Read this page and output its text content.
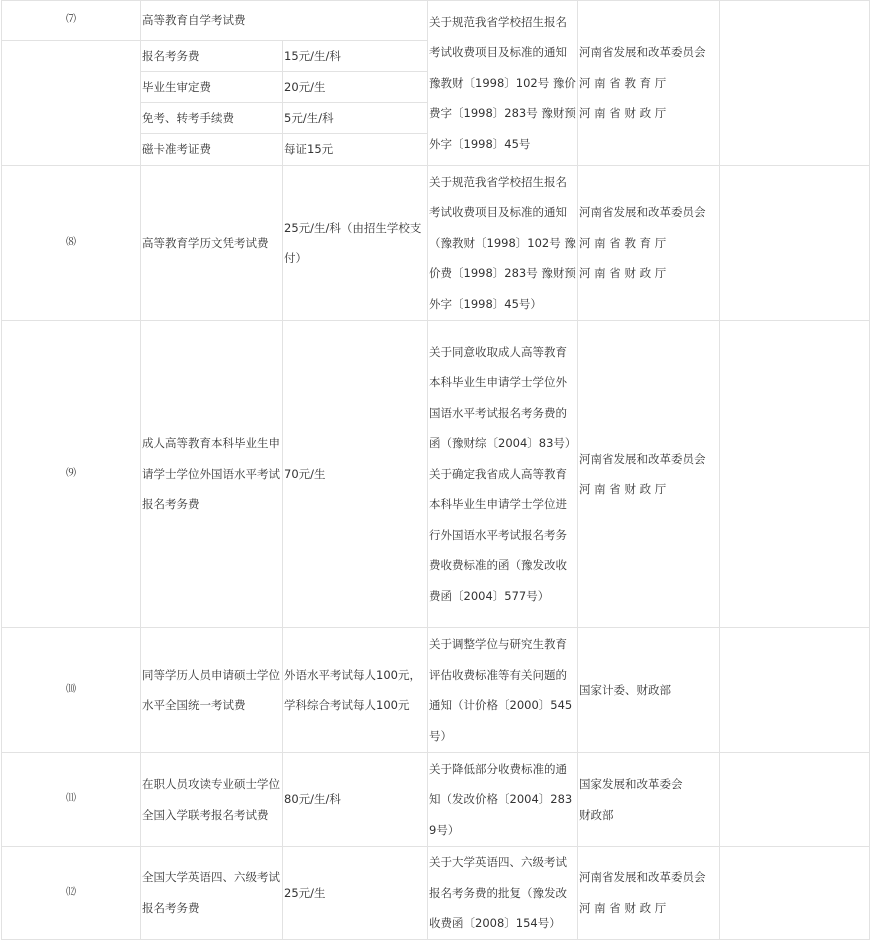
⑺	高等教育自学考试费		关于规范我省学校招生报名考试收费项目及标准的通知豫教财〔1998〕102号 豫价费字〔1998〕283号 豫财预外字〔1998〕45号	河南省发展和改革委员会
河 南 省 教 育 厅
河 南 省 财 政 厅	

	报名考务费	15元/生/科			
	毕业生审定费	20元/生			
	免考、转考手续费	5元/生/科			
	磁卡准考证费	每证15元			
⑻	高等教育学历文凭考试费	25元/生/科（由招生学校支付）	关于规范我省学校招生报名考试收费项目及标准的通知（豫教财〔1998〕102号 豫价费〔1998〕283号 豫财预外字〔1998〕45号）	河南省发展和改革委员会
河 南 省 教 育 厅
河 南 省 财 政 厅	

⑼	成人高等教育本科毕业生申请学士学位外国语水平考试报名考务费	70元/生	关于同意收取成人高等教育本科毕业生申请学士学位外国语水平考试报名考务费的函（豫财综〔2004〕83号） 关于确定我省成人高等教育本科毕业生申请学士学位进行外国语水平考试报名考务费收费标准的函（豫发改收费函〔2004〕577号）	河南省发展和改革委员会
河 南 省 财 政 厅	

⑽	同等学历人员申请硕士学位水平全国统一考试费	外语水平考试每人100元，学科综合考试每人100元	关于调整学位与研究生教育评估收费标准等有关问题的通知（计价格〔2000〕545号）	国家计委、财政部	

⑾	在职人员攻读专业硕士学位全国入学联考报名考试费	80元/生/科	关于降低部分收费标准的通知（发改价格〔2004〕2839号）	国家发展和改革委会
财政部	

⑿	全国大学英语四、六级考试报名考务费	25元/生	关于大学英语四、六级考试报名考务费的批复（豫发改收费函〔2008〕154号）	河南省发展和改革委员会
河 南 省 财 政 厅	
